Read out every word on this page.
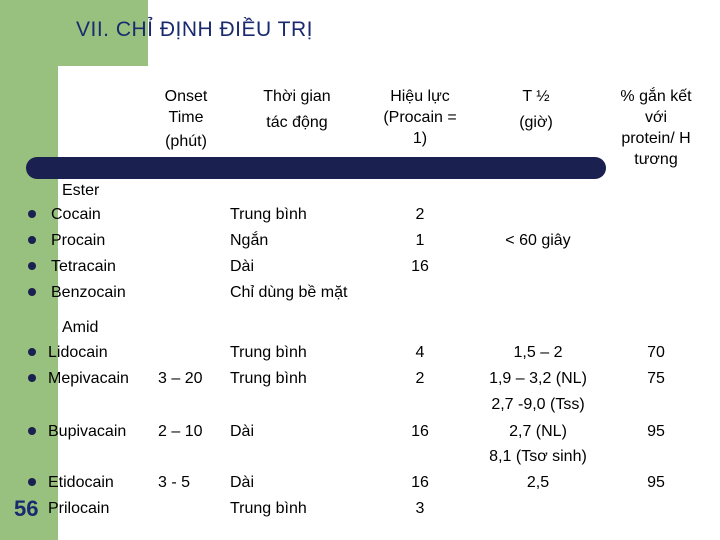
VII. CHỈ ĐỊNH ĐIỀU TRỊ
Onset
Time
(phút)
Thời gian
tác động
Hiệu lực
(Procain =
1)
T ½
(giờ)
% gắn kết
với
protein/ H
tương
Ester
Cocain
Procain
Tetracain
Benzocain
Trung bình
Ngắn
Dài
Chỉ dùng bề mặt
2
1
16
< 60 giây
Amid
Lidocain
Mepivacain
Bupivacain
Etidocain
Prilocain
3 – 20
2 – 10
3 - 5
Trung bình
Trung bình
Dài
Dài
Trung bình
4
2
16
16
3
1,5 – 2
1,9 – 3,2 (NL)
2,7 -9,0 (Tss)
2,7 (NL)
8,1 (Tsơ sinh)
2,5
70
75
95
95
56
